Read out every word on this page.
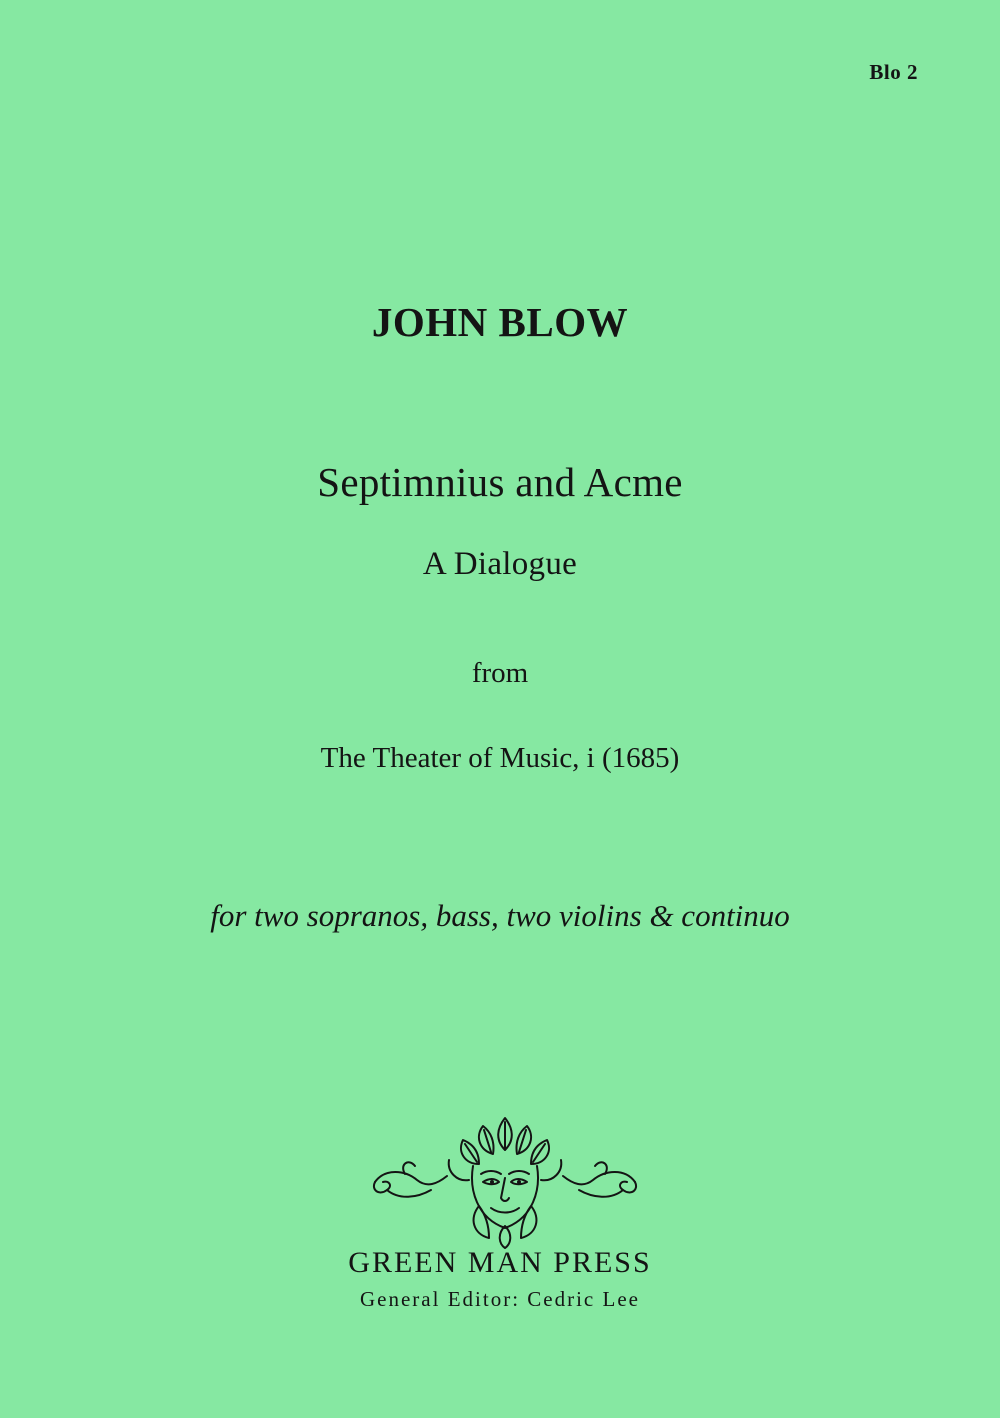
Blo 2
JOHN BLOW
Septimnius and Acme
A Dialogue
from
The Theater of Music, i (1685)
for two sopranos, bass, two violins & continuo
GREEN MAN PRESS
General Editor: Cedric Lee
